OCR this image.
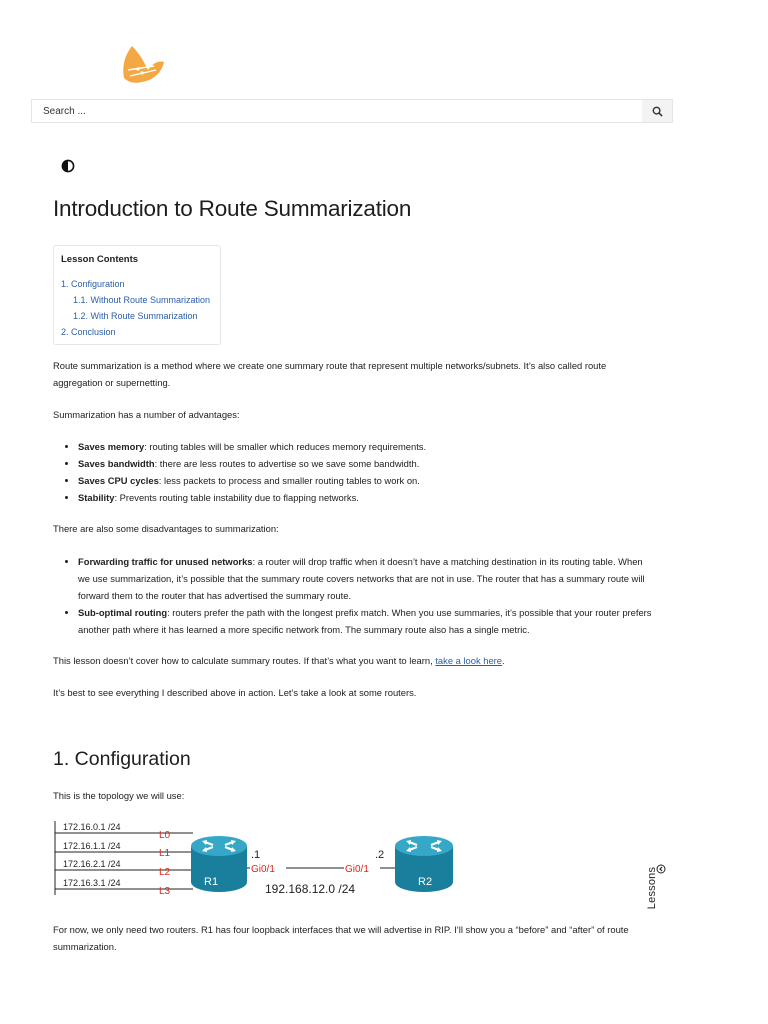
Search ...
Introduction to Route Summarization
Lesson Contents
1. Configuration
1.1. Without Route Summarization
1.2. With Route Summarization
2. Conclusion

Route summarization is a method where we create one summary route that represent multiple networks/subnets. It’s also called route aggregation or supernetting.

Summarization has a number of advantages:

• Saves memory: routing tables will be smaller which reduces memory requirements.
• Saves bandwidth: there are less routes to advertise so we save some bandwidth.
• Saves CPU cycles: less packets to process and smaller routing tables to work on.
• Stability: Prevents routing table instability due to flapping networks.

There are also some disadvantages to summarization:

• Forwarding traffic for unused networks: a router will drop traffic when it doesn’t have a matching destination in its routing table. When we use summarization, it’s possible that the summary route covers networks that are not in use. The router that has a summary route will forward them to the router that has advertised the summary route.
• Sub-optimal routing: routers prefer the path with the longest prefix match. When you use summaries, it’s possible that your router prefers another path where it has learned a more specific network from. The summary route also has a single metric.

This lesson doesn’t cover how to calculate summary routes. If that’s what you want to learn, take a look here.

It’s best to see everything I described above in action. Let’s take a look at some routers.

1. Configuration

This is the topology we will use:

172.16.0.1 /24
172.16.1.1 /24
172.16.2.1 /24
172.16.3.1 /24
L0
L1
L2
L3
R1
.1	.2
Gi0/1	Gi0/1
192.168.12.0 /24	R2

For now, we only need two routers. R1 has four loopback interfaces that we will advertise in RIP. I’ll show you a “before” and “after” of route summarization.

Lessons
